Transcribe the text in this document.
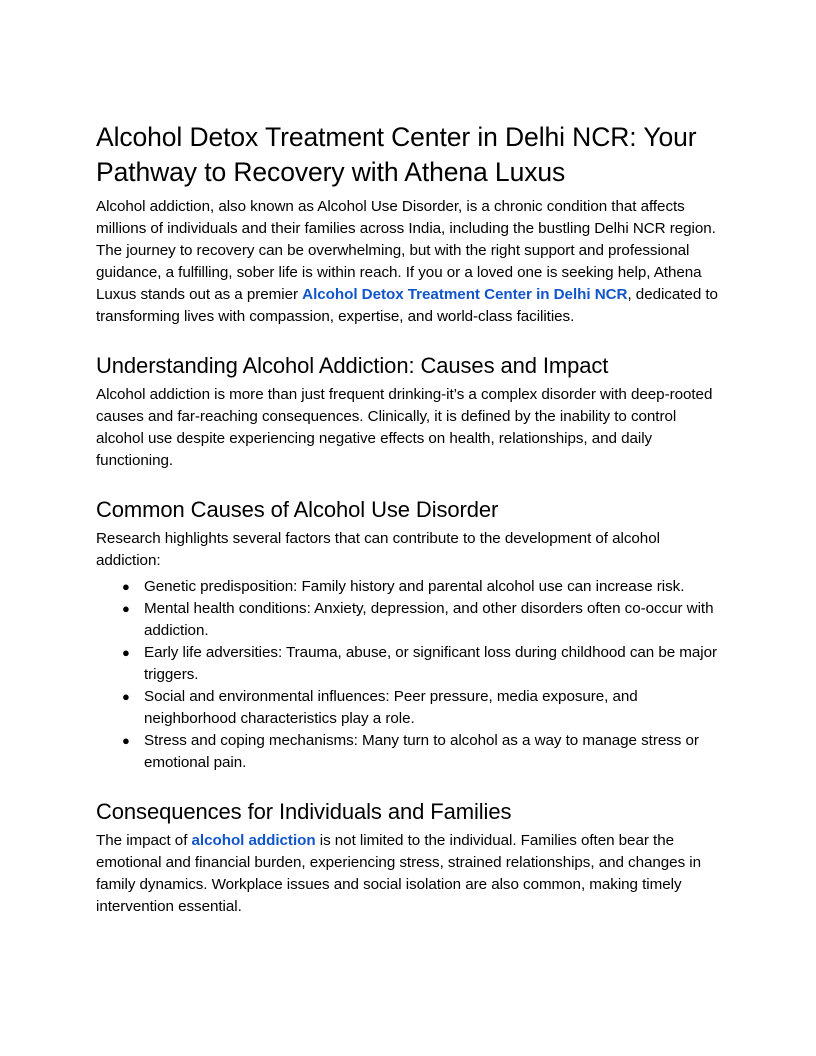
Alcohol Detox Treatment Center in Delhi NCR: Your Pathway to Recovery with Athena Luxus

Alcohol addiction, also known as Alcohol Use Disorder, is a chronic condition that affects millions of individuals and their families across India, including the bustling Delhi NCR region. The journey to recovery can be overwhelming, but with the right support and professional guidance, a fulfilling, sober life is within reach. If you or a loved one is seeking help, Athena Luxus stands out as a premier Alcohol Detox Treatment Center in Delhi NCR, dedicated to transforming lives with compassion, expertise, and world-class facilities.

Understanding Alcohol Addiction: Causes and Impact

Alcohol addiction is more than just frequent drinking-it’s a complex disorder with deep-rooted causes and far-reaching consequences. Clinically, it is defined by the inability to control alcohol use despite experiencing negative effects on health, relationships, and daily functioning.

Common Causes of Alcohol Use Disorder

Research highlights several factors that can contribute to the development of alcohol addiction:

● Genetic predisposition: Family history and parental alcohol use can increase risk.
● Mental health conditions: Anxiety, depression, and other disorders often co-occur with addiction.
● Early life adversities: Trauma, abuse, or significant loss during childhood can be major triggers.
● Social and environmental influences: Peer pressure, media exposure, and neighborhood characteristics play a role.
● Stress and coping mechanisms: Many turn to alcohol as a way to manage stress or emotional pain.
Consequences for Individuals and Families

The impact of alcohol addiction is not limited to the individual. Families often bear the emotional and financial burden, experiencing stress, strained relationships, and changes in family dynamics. Workplace issues and social isolation are also common, making timely intervention essential.
